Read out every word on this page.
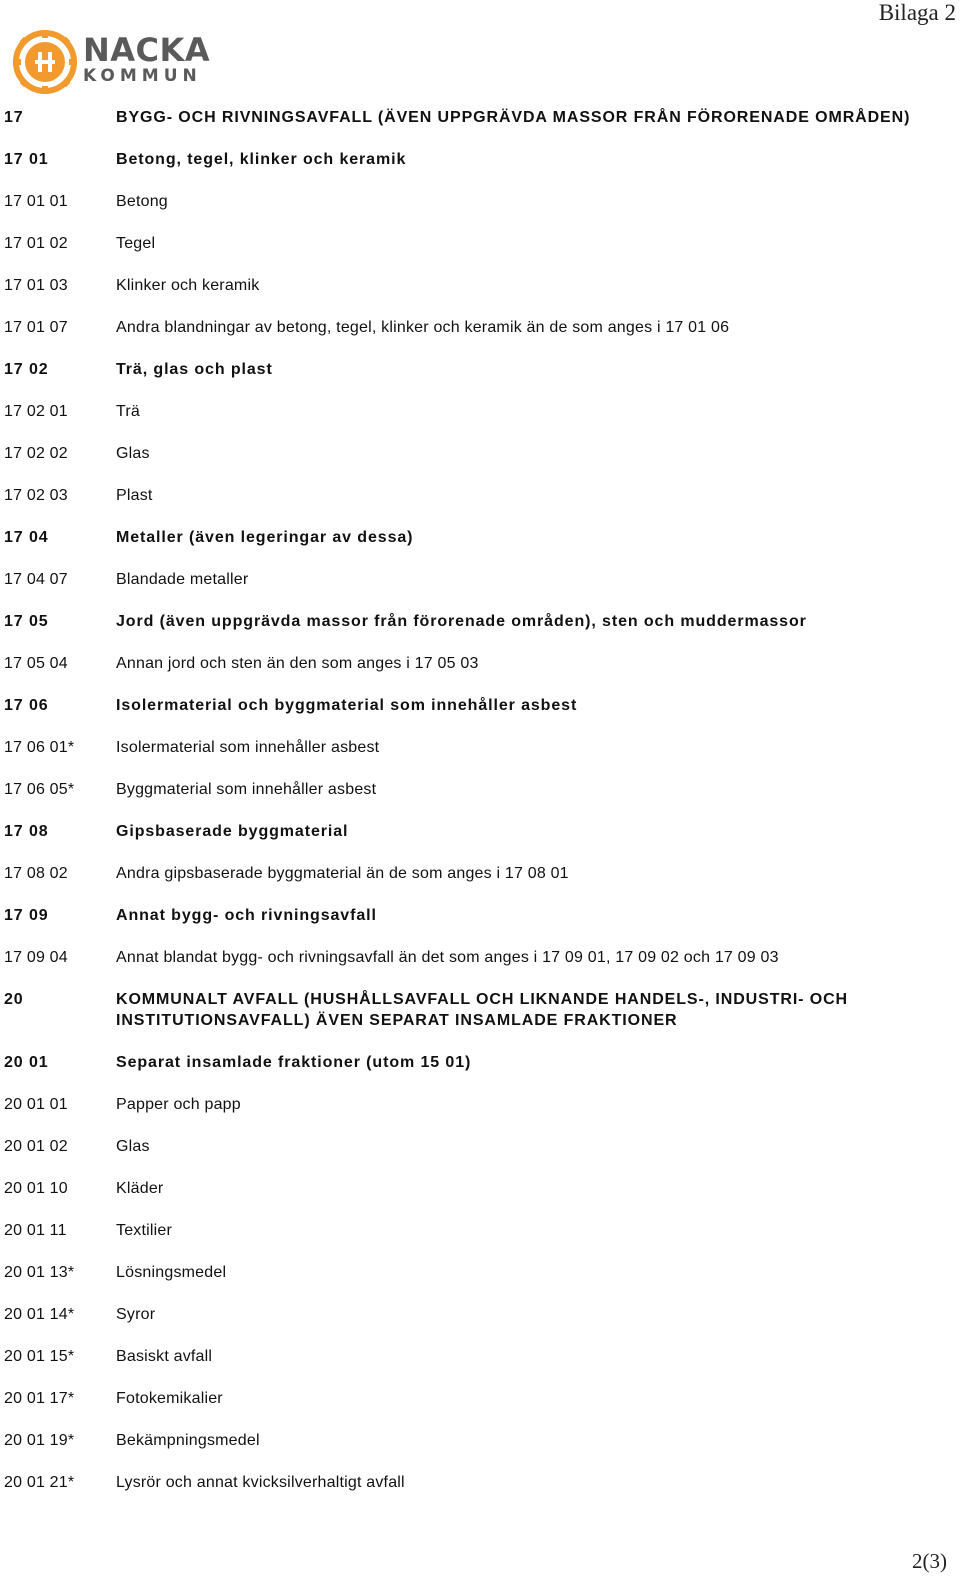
Bilaga 2
NACKA
KOMMUN
17	BYGG- OCH RIVNINGSAVFALL (ÄVEN UPPGRÄVDA MASSOR FRÅN FÖRORENADE OMRÅDEN)
17 01	Betong, tegel, klinker och keramik
17 01 01	Betong
17 01 02	Tegel
17 01 03	Klinker och keramik
17 01 07	Andra blandningar av betong, tegel, klinker och keramik än de som anges i 17 01 06
17 02	Trä, glas och plast
17 02 01	Trä
17 02 02	Glas
17 02 03	Plast
17 04	Metaller (även legeringar av dessa)
17 04 07	Blandade metaller
17 05	Jord (även uppgrävda massor från förorenade områden), sten och muddermassor
17 05 04	Annan jord och sten än den som anges i 17 05 03
17 06	Isolermaterial och byggmaterial som innehåller asbest
17 06 01*	Isolermaterial som innehåller asbest
17 06 05*	Byggmaterial som innehåller asbest
17 08	Gipsbaserade byggmaterial
17 08 02	Andra gipsbaserade byggmaterial än de som anges i 17 08 01
17 09	Annat bygg- och rivningsavfall
17 09 04	Annat blandat bygg- och rivningsavfall än det som anges i 17 09 01, 17 09 02 och 17 09 03
20	KOMMUNALT AVFALL (HUSHÅLLSAVFALL OCH LIKNANDE HANDELS-, INDUSTRI- OCH INSTITUTIONSAVFALL) ÄVEN SEPARAT INSAMLADE FRAKTIONER
20 01	Separat insamlade fraktioner (utom 15 01)
20 01 01	Papper och papp
20 01 02	Glas
20 01 10	Kläder
20 01 11	Textilier
20 01 13*	Lösningsmedel
20 01 14*	Syror
20 01 15*	Basiskt avfall
20 01 17*	Fotokemikalier
20 01 19*	Bekämpningsmedel
20 01 21*	Lysrör och annat kvicksilverhaltigt avfall
2(3)
